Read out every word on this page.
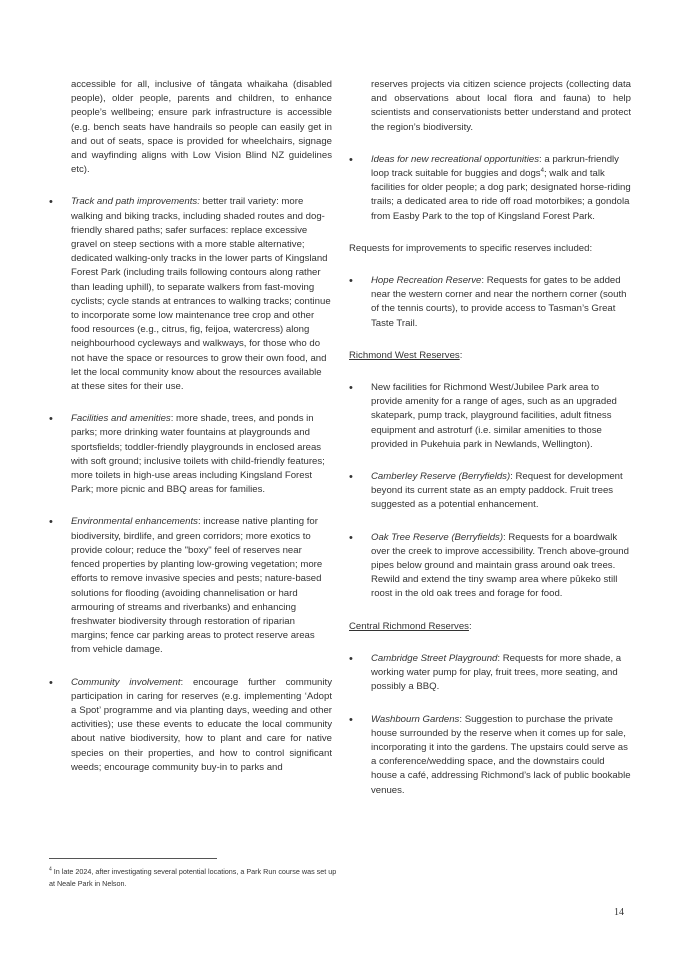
accessible for all, inclusive of tāngata whaikaha (disabled people), older people, parents and children, to enhance people’s wellbeing; ensure park infrastructure is accessible (e.g. bench seats have handrails so people can easily get in and out of seats, space is provided for wheelchairs, signage and wayfinding aligns with Low Vision Blind NZ guidelines etc).

•

Track and path improvements: better trail variety: more walking and biking tracks, including shaded routes and dog-friendly shared paths; safer surfaces: replace excessive gravel on steep sections with a more stable alternative; dedicated walking-only tracks in the lower parts of Kingsland Forest Park (including trails following contours along rather than leading uphill), to separate walkers from fast-moving cyclists; cycle stands at entrances to walking tracks; continue to incorporate some low maintenance tree crop and other food resources (e.g., citrus, fig, feijoa, watercress) along neighbourhood cycleways and walkways, for those who do not have the space or resources to grow their own food, and let the local community know about the resources available at these sites for their use.

•

Facilities and amenities: more shade, trees, and ponds in parks; more drinking water fountains at playgrounds and sportsfields; toddler-friendly playgrounds in enclosed areas with soft ground; inclusive toilets with child-friendly features; more toilets in high-use areas including Kingsland Forest Park; more picnic and BBQ areas for families.

•

Environmental enhancements: increase native planting for biodiversity, birdlife, and green corridors; more exotics to provide colour; reduce the "boxy" feel of reserves near fenced properties by planting low-growing vegetation; more efforts to remove invasive species and pests; nature-based solutions for flooding (avoiding channelisation or hard armouring of streams and riverbanks) and enhancing freshwater biodiversity through restoration of riparian margins; fence car parking areas to protect reserve areas from vehicle damage.

•

Community involvement: encourage further community participation in caring for reserves (e.g. implementing ‘Adopt a Spot’ programme and via planting days, weeding and other activities); use these events to educate the local community about native biodiversity, how to plant and care for native species on their properties, and how to control significant weeds; encourage community buy-in to parks and

reserves projects via citizen science projects (collecting data and observations about local flora and fauna) to help scientists and conservationists better understand and protect the region’s biodiversity.

•

Ideas for new recreational opportunities: a parkrun-friendly loop track suitable for buggies and dogs$^4$; walk and talk facilities for older people; a dog park; designated horse-riding trails; a dedicated area to ride off road motorbikes; a gondola from Easby Park to the top of Kingsland Forest Park.

Requests for improvements to specific reserves included:

•

Hope Recreation Reserve: Requests for gates to be added near the western corner and near the northern corner (south of the tennis courts), to provide access to Tasman’s Great Taste Trail.

Richmond West Reserves:

•

New facilities for Richmond West/Jubilee Park area to provide amenity for a range of ages, such as an upgraded skatepark, pump track, playground facilities, adult fitness equipment and astroturf (i.e. similar amenities to those provided in Pukehuia park in Newlands, Wellington).

•

Camberley Reserve (Berryfields): Request for development beyond its current state as an empty paddock. Fruit trees suggested as a potential enhancement.

•

Oak Tree Reserve (Berryfields): Requests for a boardwalk over the creek to improve accessibility. Trench above-ground pipes below ground and maintain grass around oak trees. Rewild and extend the tiny swamp area where pūkeko still roost in the old oak trees and forage for food.

Central Richmond Reserves:

•

Cambridge Street Playground: Requests for more shade, a working water pump for play, fruit trees, more seating, and possibly a BBQ.

•

Washbourn Gardens: Suggestion to purchase the private house surrounded by the reserve when it comes up for sale, incorporating it into the gardens. The upstairs could serve as a conference/wedding space, and the downstairs could house a café, addressing Richmond’s lack of public bookable venues.

$^4$ In late 2024, after investigating several potential locations, a Park Run course was set up at Neale Park in Nelson.

14
